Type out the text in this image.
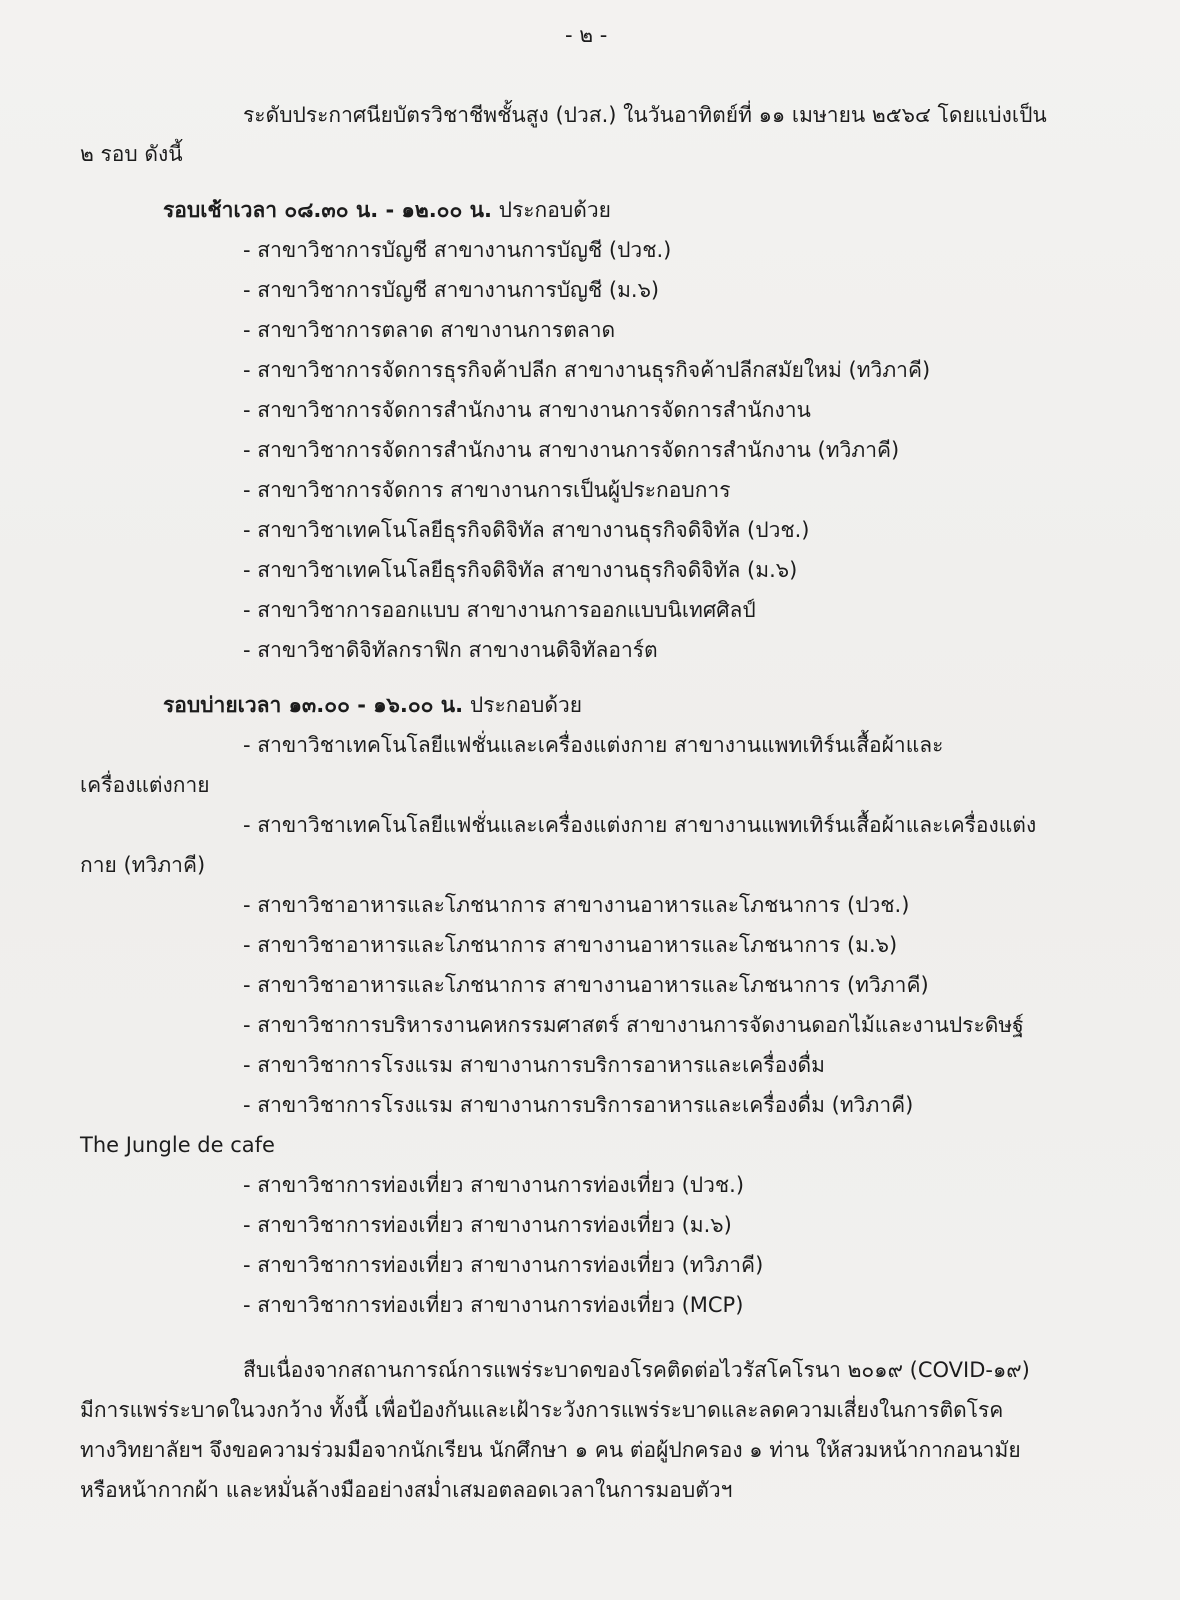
- ๒ -
ระดับประกาศนียบัตรวิชาชีพชั้นสูง (ปวส.) ในวันอาทิตย์ที่ ๑๑ เมษายน ๒๕๖๔ โดยแบ่งเป็น
๒ รอบ ดังนี้
รอบเช้าเวลา ๐๘.๓๐ น. - ๑๒.๐๐ น. ประกอบด้วย
- สาขาวิชาการบัญชี สาขางานการบัญชี (ปวช.)
- สาขาวิชาการบัญชี สาขางานการบัญชี (ม.๖)
- สาขาวิชาการตลาด สาขางานการตลาด
- สาขาวิชาการจัดการธุรกิจค้าปลีก สาขางานธุรกิจค้าปลีกสมัยใหม่ (ทวิภาคี)
- สาขาวิชาการจัดการสำนักงาน สาขางานการจัดการสำนักงาน
- สาขาวิชาการจัดการสำนักงาน สาขางานการจัดการสำนักงาน (ทวิภาคี)
- สาขาวิชาการจัดการ สาขางานการเป็นผู้ประกอบการ
- สาขาวิชาเทคโนโลยีธุรกิจดิจิทัล สาขางานธุรกิจดิจิทัล (ปวช.)
- สาขาวิชาเทคโนโลยีธุรกิจดิจิทัล สาขางานธุรกิจดิจิทัล (ม.๖)
- สาขาวิชาการออกแบบ สาขางานการออกแบบนิเทศศิลป์
- สาขาวิชาดิจิทัลกราฟิก สาขางานดิจิทัลอาร์ต
รอบบ่ายเวลา ๑๓.๐๐ - ๑๖.๐๐ น. ประกอบด้วย
- สาขาวิชาเทคโนโลยีแฟชั่นและเครื่องแต่งกาย สาขางานแพทเทิร์นเสื้อผ้าและ
เครื่องแต่งกาย
- สาขาวิชาเทคโนโลยีแฟชั่นและเครื่องแต่งกาย สาขางานแพทเทิร์นเสื้อผ้าและเครื่องแต่ง
กาย (ทวิภาคี)
- สาขาวิชาอาหารและโภชนาการ สาขางานอาหารและโภชนาการ (ปวช.)
- สาขาวิชาอาหารและโภชนาการ สาขางานอาหารและโภชนาการ (ม.๖)
- สาขาวิชาอาหารและโภชนาการ สาขางานอาหารและโภชนาการ (ทวิภาคี)
- สาขาวิชาการบริหารงานคหกรรมศาสตร์ สาขางานการจัดงานดอกไม้และงานประดิษฐ์
- สาขาวิชาการโรงแรม สาขางานการบริการอาหารและเครื่องดื่ม
- สาขาวิชาการโรงแรม สาขางานการบริการอาหารและเครื่องดื่ม (ทวิภาคี)
The Jungle de cafe
- สาขาวิชาการท่องเที่ยว สาขางานการท่องเที่ยว (ปวช.)
- สาขาวิชาการท่องเที่ยว สาขางานการท่องเที่ยว (ม.๖)
- สาขาวิชาการท่องเที่ยว สาขางานการท่องเที่ยว (ทวิภาคี)
- สาขาวิชาการท่องเที่ยว สาขางานการท่องเที่ยว (MCP)
สืบเนื่องจากสถานการณ์การแพร่ระบาดของโรคติดต่อไวรัสโคโรนา ๒๐๑๙ (COVID-๑๙)
มีการแพร่ระบาดในวงกว้าง ทั้งนี้ เพื่อป้องกันและเฝ้าระวังการแพร่ระบาดและลดความเสี่ยงในการติดโรค
ทางวิทยาลัยฯ จึงขอความร่วมมือจากนักเรียน นักศึกษา ๑ คน ต่อผู้ปกครอง ๑ ท่าน ให้สวมหน้ากากอนามัย
หรือหน้ากากผ้า และหมั่นล้างมืออย่างสม่ำเสมอตลอดเวลาในการมอบตัวฯ
